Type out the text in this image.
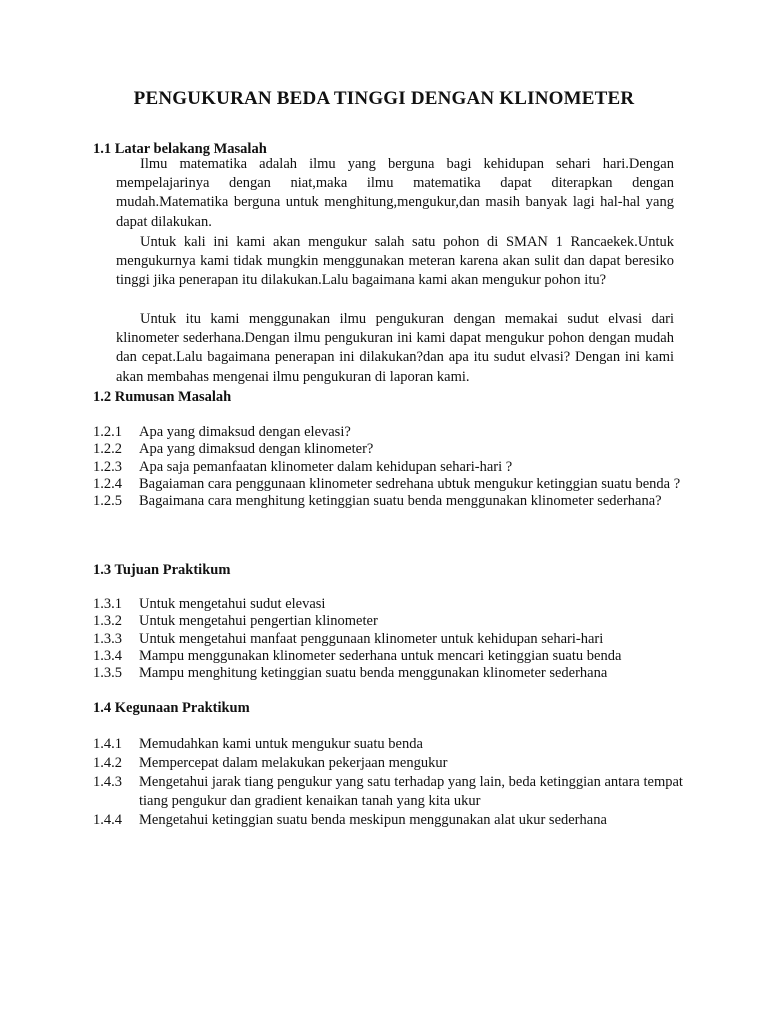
PENGUKURAN BEDA TINGGI DENGAN KLINOMETER
1.1 Latar belakang Masalah

Ilmu matematika adalah ilmu yang berguna bagi kehidupan sehari hari.Dengan mempelajarinya dengan niat,maka ilmu matematika dapat diterapkan dengan mudah.Matematika berguna untuk menghitung,mengukur,dan masih banyak lagi hal-hal yang dapat dilakukan.

Untuk kali ini kami akan mengukur salah satu pohon di SMAN 1 Rancaekek.Untuk mengukurnya kami tidak mungkin menggunakan meteran karena akan sulit dan dapat beresiko tinggi jika penerapan itu dilakukan.Lalu bagaimana kami akan mengukur pohon itu?

Untuk itu kami menggunakan ilmu pengukuran dengan memakai sudut elvasi dari klinometer sederhana.Dengan ilmu pengukuran ini kami dapat mengukur pohon dengan mudah dan cepat.Lalu bagaimana penerapan ini dilakukan?dan apa itu sudut elvasi? Dengan ini kami akan membahas mengenai ilmu pengukuran di laporan kami.

1.2 Rumusan Masalah
1.2.1	Apa yang dimaksud dengan elevasi?
1.2.2	Apa yang dimaksud dengan klinometer?
1.2.3	Apa saja pemanfaatan klinometer dalam kehidupan sehari-hari ?
1.2.4	Bagaiaman cara penggunaan klinometer sedrehana ubtuk mengukur ketinggian suatu benda ?
1.2.5	Bagaimana cara menghitung ketinggian suatu benda menggunakan klinometer sederhana?
1.3 Tujuan Praktikum
1.3.1	Untuk mengetahui sudut elevasi
1.3.2	Untuk mengetahui pengertian klinometer
1.3.3	Untuk mengetahui manfaat penggunaan klinometer untuk kehidupan sehari-hari
1.3.4	Mampu menggunakan klinometer sederhana untuk mencari ketinggian suatu benda
1.3.5	Mampu menghitung ketinggian suatu benda menggunakan klinometer sederhana
1.4 Kegunaan Praktikum
1.4.1	Memudahkan kami untuk mengukur suatu benda
1.4.2	Mempercepat dalam melakukan pekerjaan mengukur
1.4.3	Mengetahui jarak tiang pengukur yang satu terhadap yang lain, beda ketinggian antara tempat tiang pengukur dan gradient kenaikan tanah yang kita ukur
1.4.4	Mengetahui ketinggian suatu benda meskipun menggunakan alat ukur sederhana
